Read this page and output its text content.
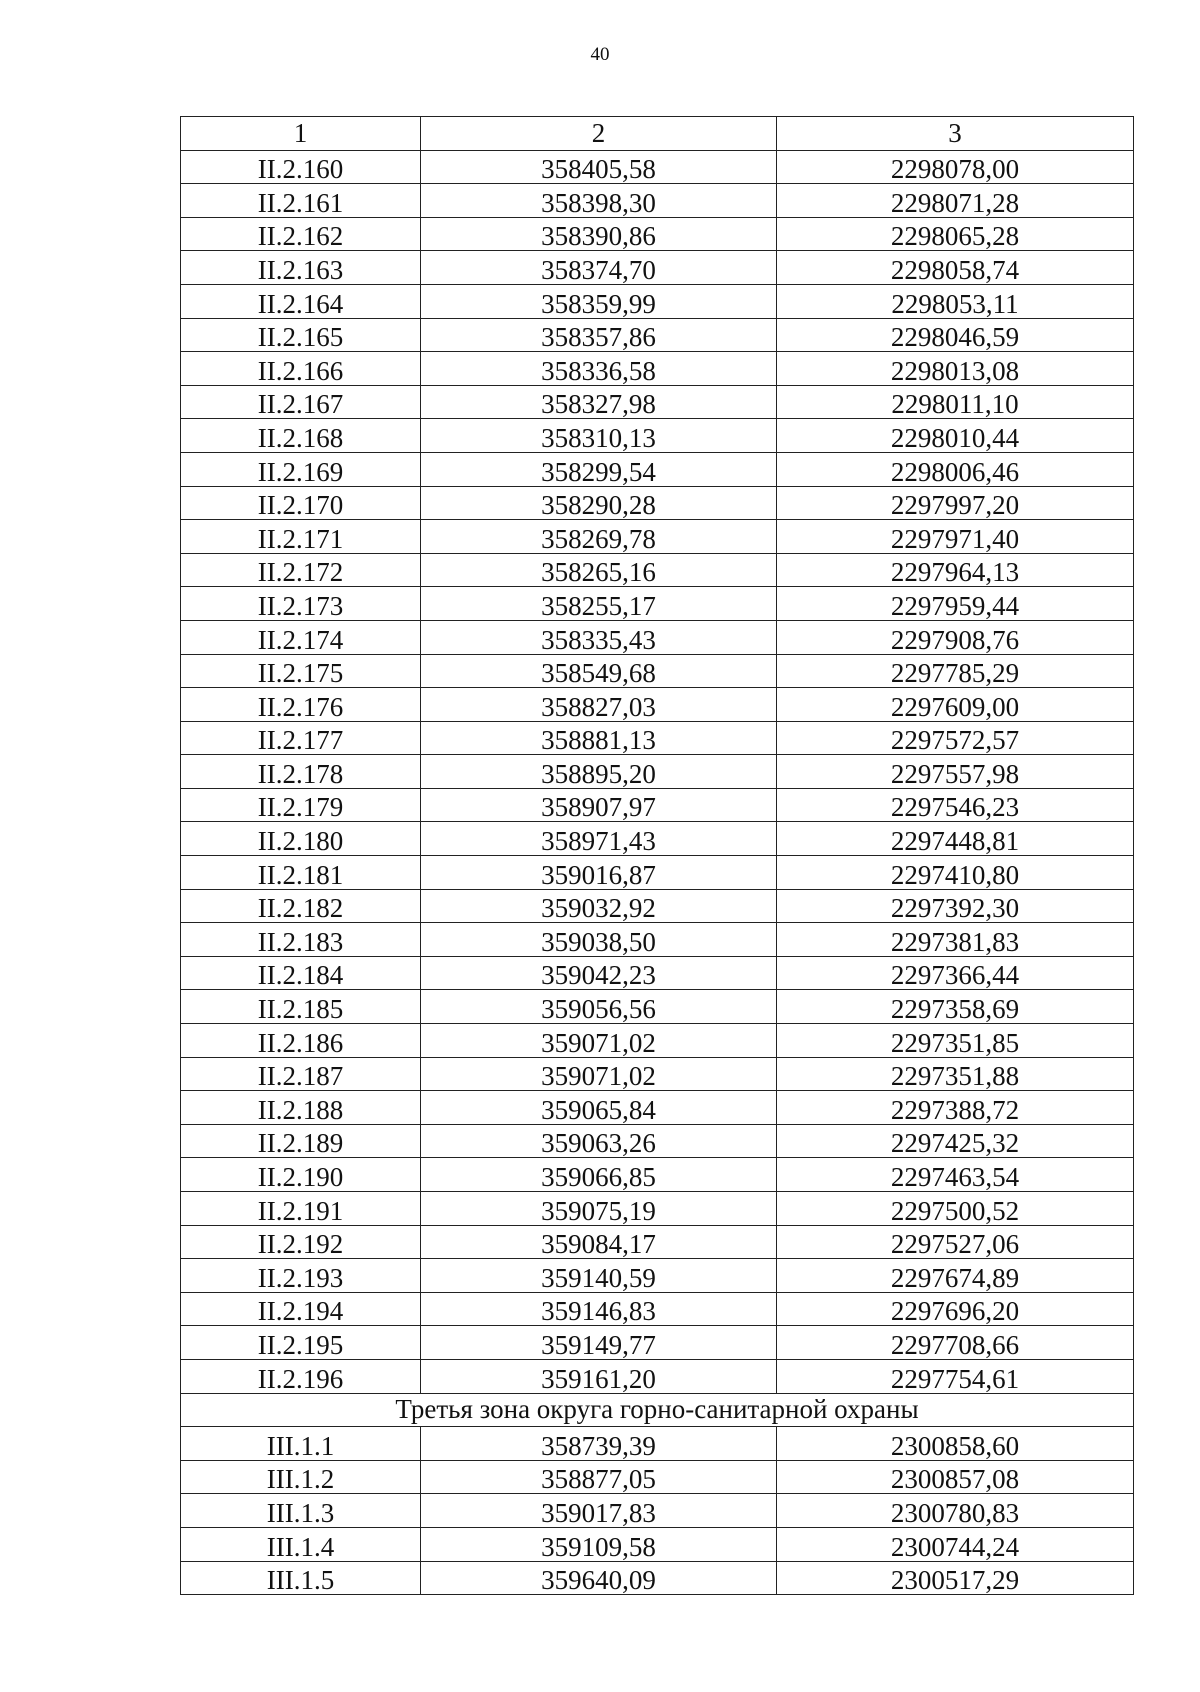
40
1	2	3
II.2.160	358405,58	2298078,00
II.2.161	358398,30	2298071,28
II.2.162	358390,86	2298065,28
II.2.163	358374,70	2298058,74
II.2.164	358359,99	2298053,11
II.2.165	358357,86	2298046,59
II.2.166	358336,58	2298013,08
II.2.167	358327,98	2298011,10
II.2.168	358310,13	2298010,44
II.2.169	358299,54	2298006,46
II.2.170	358290,28	2297997,20
II.2.171	358269,78	2297971,40
II.2.172	358265,16	2297964,13
II.2.173	358255,17	2297959,44
II.2.174	358335,43	2297908,76
II.2.175	358549,68	2297785,29
II.2.176	358827,03	2297609,00
II.2.177	358881,13	2297572,57
II.2.178	358895,20	2297557,98
II.2.179	358907,97	2297546,23
II.2.180	358971,43	2297448,81
II.2.181	359016,87	2297410,80
II.2.182	359032,92	2297392,30
II.2.183	359038,50	2297381,83
II.2.184	359042,23	2297366,44
II.2.185	359056,56	2297358,69
II.2.186	359071,02	2297351,85
II.2.187	359071,02	2297351,88
II.2.188	359065,84	2297388,72
II.2.189	359063,26	2297425,32
II.2.190	359066,85	2297463,54
II.2.191	359075,19	2297500,52
II.2.192	359084,17	2297527,06
II.2.193	359140,59	2297674,89
II.2.194	359146,83	2297696,20
II.2.195	359149,77	2297708,66
II.2.196	359161,20	2297754,61
Третья зона округа горно-санитарной охраны		
III.1.1	358739,39	2300858,60
III.1.2	358877,05	2300857,08
III.1.3	359017,83	2300780,83
III.1.4	359109,58	2300744,24
III.1.5	359640,09	2300517,29
